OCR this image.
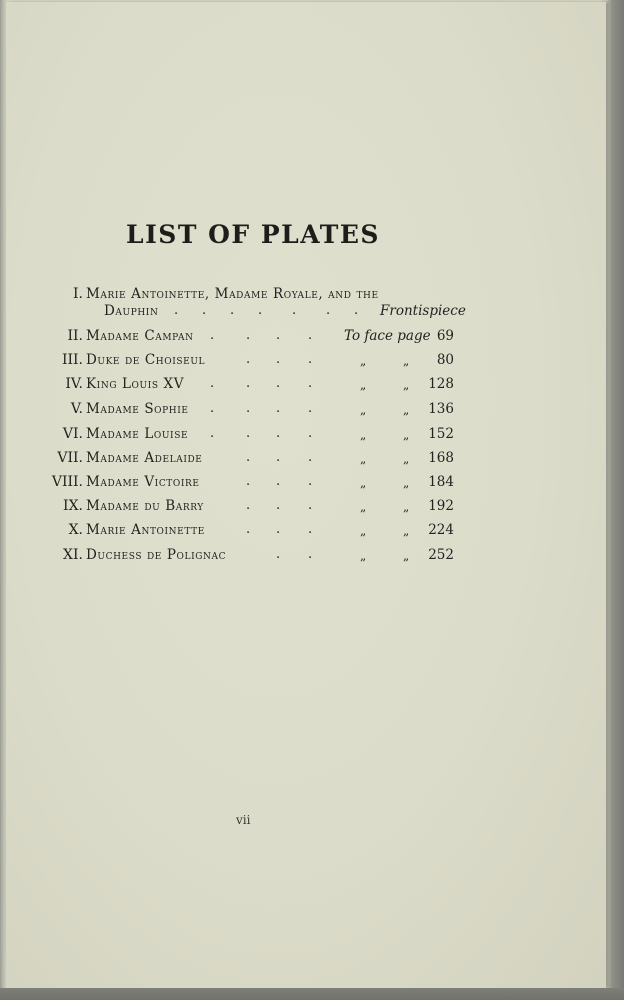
LIST OF PLATES
I. Marie Antoinette, Madame Royale, and the
Dauphin . . . . . . . Frontispiece
II. Madame Campan . . . . To face page 69
III. Duke de Choiseul	. . .	„	„ 80
IV. King Louis XV . . . .	„	„ 128
V. Madame Sophie . . . .	„	„ 136
VI. Madame Louise . . . .	„	„ 152
VII. Madame Adelaide	. . .	„	„ 168
VIII. Madame Victoire	. . .	„	„ 184
IX. Madame du Barry	. . .	„	„ 192
X. Marie Antoinette	. . .	„	„ 224
XI. Duchess de Polignac	. .	„	„ 252
vii
